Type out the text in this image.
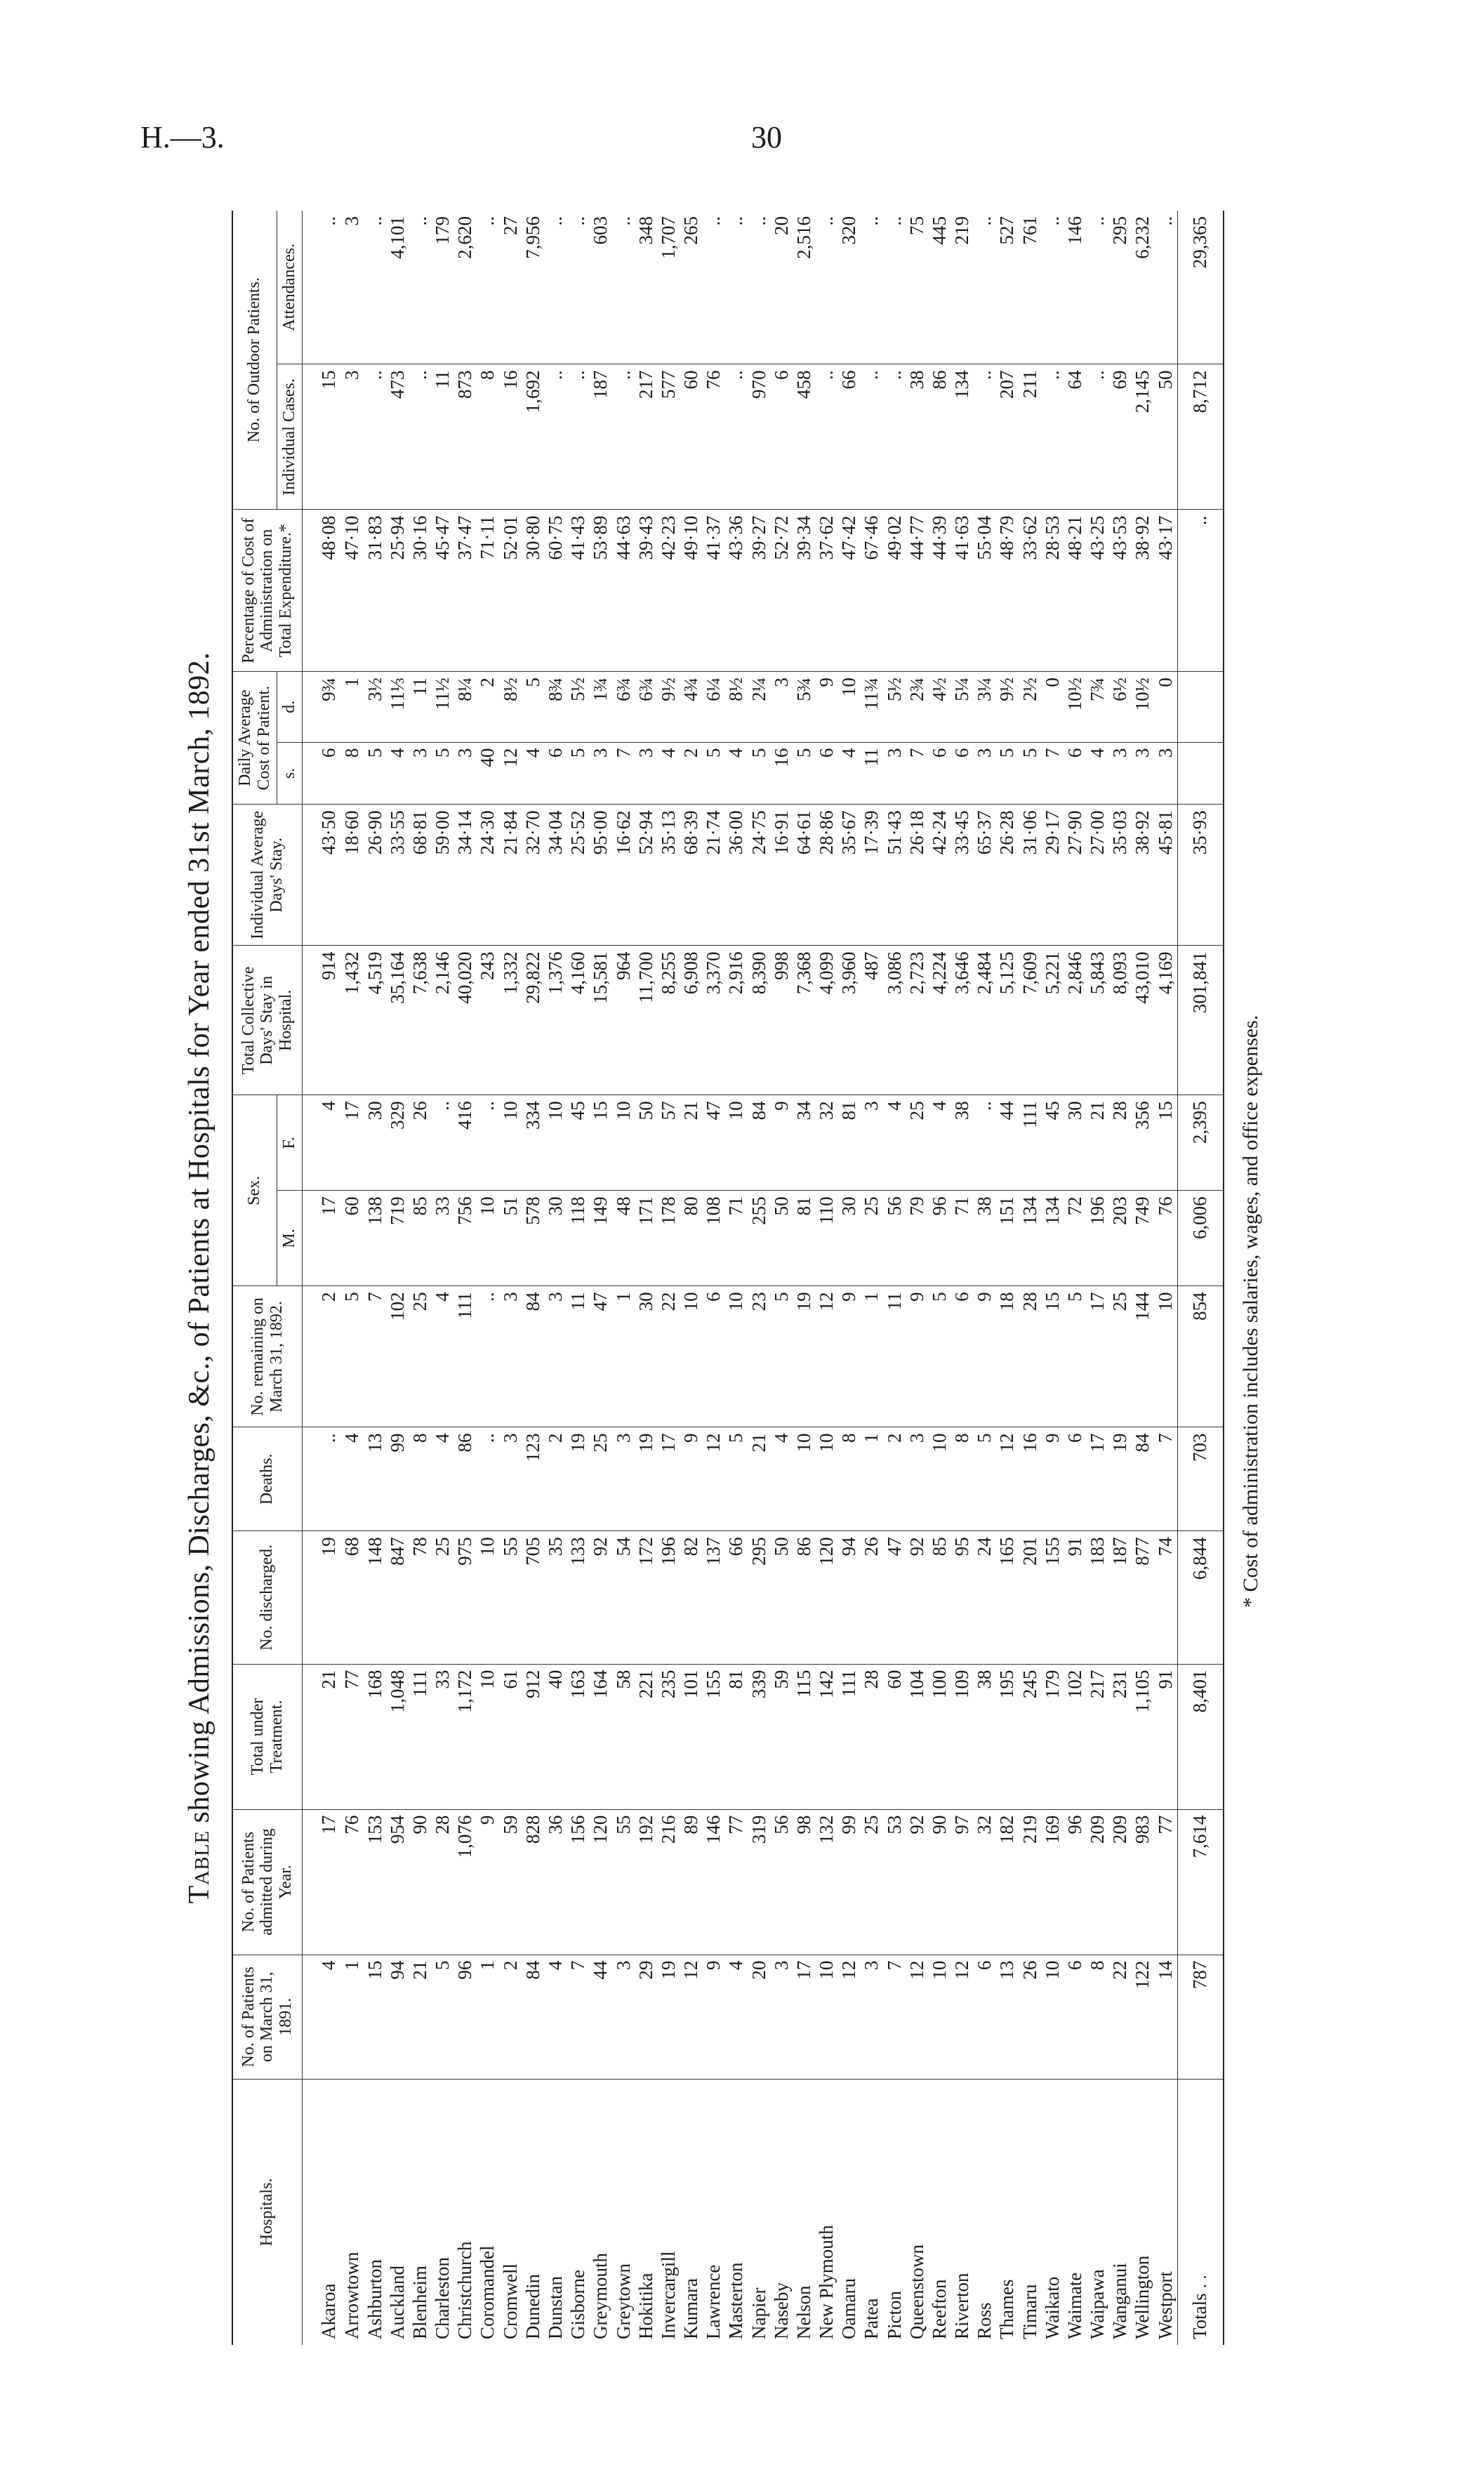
H.—3.	30
Table showing Admissions, Discharges, &c., of Patients at Hospitals for Year ended 31st March, 1892.
Hospitals.	No. of Patients on March 31, 1891.	No. of Patients admitted during Year.	Total under Treatment.	No. discharged.	Deaths.	No. remaining on March 31, 1892.	Sex.		Total Collective Days' Stay in Hospital.	Individual Average Days' Stay.	Daily Average Cost of Patient.		Percentage of Cost of Administration on Total Expenditure.*	No. of Outdoor Patients.	
							M.	F.			s.	d.		Individual Cases.	Attendances.
Akaroa	4	17	21	19	..	2	17	4	914	43·50	6	9¾	48·08	15	..
Arrowtown	1	76	77	68	4	5	60	17	1,432	18·60	8	1	47·10	3	3
Ashburton	15	153	168	148	13	7	138	30	4,519	26·90	5	3½	31·83	..	..
Auckland	94	954	1,048	847	99	102	719	329	35,164	33·55	4	11⅓	25·94	473	4,101
Blenheim	21	90	111	78	8	25	85	26	7,638	68·81	3	11	30·16	..	..
Charleston	5	28	33	25	4	4	33	..	2,146	59·00	5	11½	45·47	11	179
Christchurch	96	1,076	1,172	975	86	111	756	416	40,020	34·14	3	8¼	37·47	873	2,620
Coromandel	1	9	10	10	..	..	10	..	243	24·30	40	2	71·11	8	..
Cromwell	2	59	61	55	3	3	51	10	1,332	21·84	12	8½	52·01	16	27
Dunedin	84	828	912	705	123	84	578	334	29,822	32·70	4	5	30·80	1,692	7,956
Dunstan	4	36	40	35	2	3	30	10	1,376	34·04	6	8¾	60·75	..	..
Gisborne	7	156	163	133	19	11	118	45	4,160	25·52	5	5½	41·43	..	..
Greymouth	44	120	164	92	25	47	149	15	15,581	95·00	3	1¾	53·89	187	603
Greytown	3	55	58	54	3	1	48	10	964	16·62	7	6¾	44·63	..	..
Hokitika	29	192	221	172	19	30	171	50	11,700	52·94	3	6¾	39·43	217	348
Invercargill	19	216	235	196	17	22	178	57	8,255	35·13	4	9½	42·23	577	1,707
Kumara	12	89	101	82	9	10	80	21	6,908	68·39	2	4¾	49·10	60	265
Lawrence	9	146	155	137	12	6	108	47	3,370	21·74	5	6¼	41·37	76	..
Masterton	4	77	81	66	5	10	71	10	2,916	36·00	4	8½	43·36	..	..
Napier	20	319	339	295	21	23	255	84	8,390	24·75	5	2¼	39·27	970	..
Naseby	3	56	59	50	4	5	50	9	998	16·91	16	3	52·72	6	20
Nelson	17	98	115	86	10	19	81	34	7,368	64·61	5	5¾	39·34	458	2,516
New Plymouth	10	132	142	120	10	12	110	32	4,099	28·86	6	9	37·62	..	..
Oamaru	12	99	111	94	8	9	30	81	3,960	35·67	4	10	47·42	66	320
Patea	3	25	28	26	1	1	25	3	487	17·39	11	11¾	67·46	..	..
Picton	7	53	60	47	2	11	56	4	3,086	51·43	3	5½	49·02	..	..
Queenstown	12	92	104	92	3	9	79	25	2,723	26·18	7	2¾	44·77	38	75
Reefton	10	90	100	85	10	5	96	4	4,224	42·24	6	4½	44·39	86	445
Riverton	12	97	109	95	8	6	71	38	3,646	33·45	6	5¼	41·63	134	219
Ross	6	32	38	24	5	9	38	..	2,484	65·37	3	3¼	55·04	..	..
Thames	13	182	195	165	12	18	151	44	5,125	26·28	5	9½	48·79	207	527
Timaru	26	219	245	201	16	28	134	111	7,609	31·06	5	2½	33·62	211	761
Waikato	10	169	179	155	9	15	134	45	5,221	29·17	7	0	28·53	..	..
Waimate	6	96	102	91	6	5	72	30	2,846	27·90	6	10½	48·21	64	146
Waipawa	8	209	217	183	17	17	196	21	5,843	27·00	4	7¾	43·25	..	..
Wanganui	22	209	231	187	19	25	203	28	8,093	35·03	3	6½	43·53	69	295
Wellington	122	983	1,105	877	84	144	749	356	43,010	38·92	3	10½	38·92	2,145	6,232
Westport	14	77	91	74	7	10	76	15	4,169	45·81	3	0	43·17	50	..
Totals ..	787	7,614	8,401	6,844	703	854	6,006	2,395	301,841	35·93			..	8,712	29,365
* Cost of administration includes salaries, wages, and office expenses.
